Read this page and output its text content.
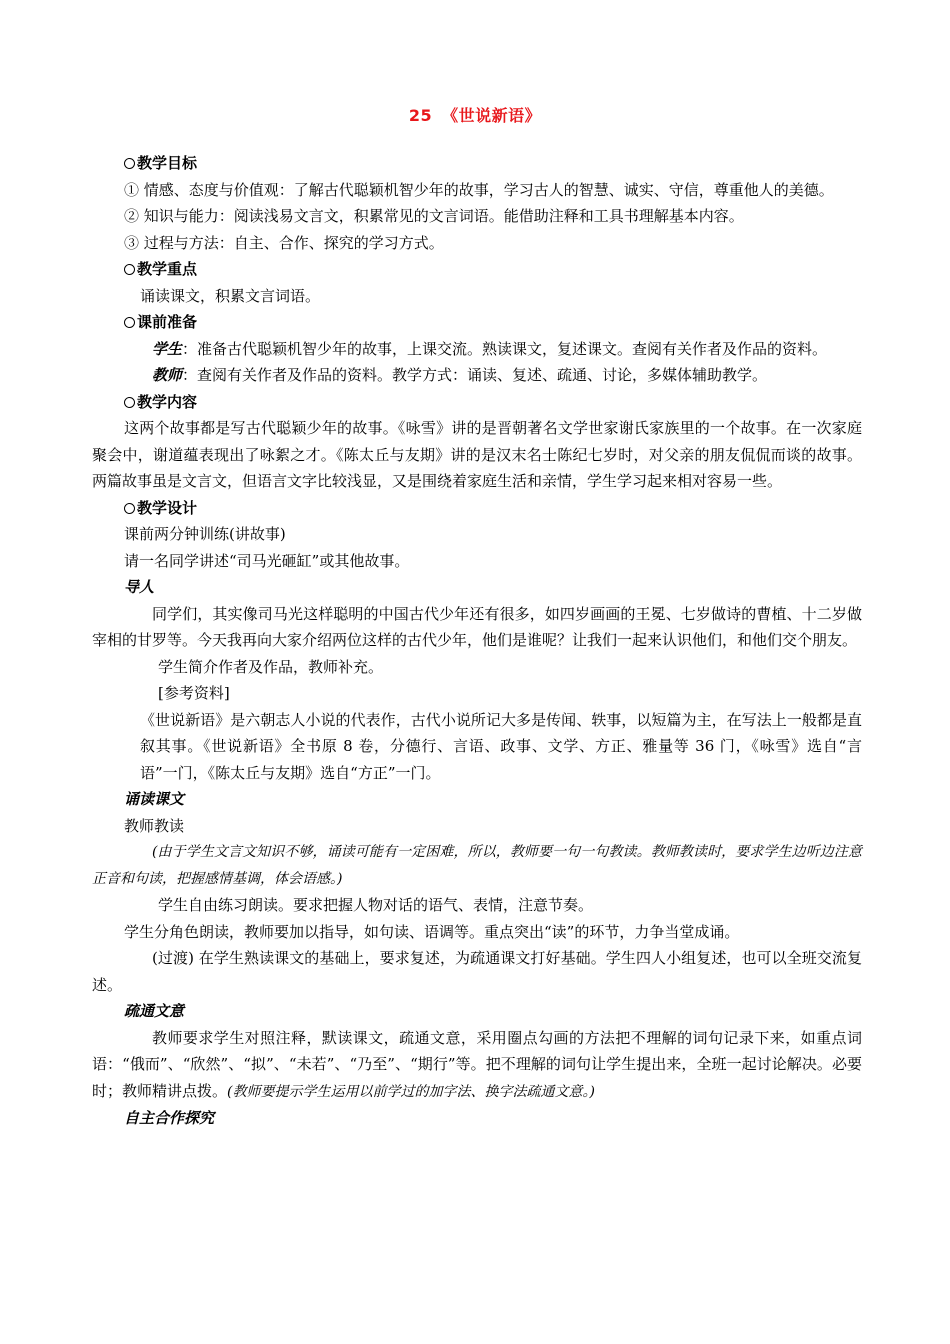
25 《世说新语》

教学目标

① 情感、态度与价值观：了解古代聪颖机智少年的故事，学习古人的智慧、诚实、守信，尊重他人的美德。

② 知识与能力：阅读浅易文言文，积累常见的文言词语。能借助注释和工具书理解基本内容。

③ 过程与方法：自主、合作、探究的学习方式。

教学重点

诵读课文，积累文言词语。

课前准备

学生：准备古代聪颖机智少年的故事，上课交流。熟读课文，复述课文。查阅有关作者及作品的资料。

教师：查阅有关作者及作品的资料。教学方式：诵读、复述、疏通、讨论，多媒体辅助教学。

教学内容

这两个故事都是写古代聪颖少年的故事。《咏雪》讲的是晋朝著名文学世家谢氏家族里的一个故事。在一次家庭聚会中，谢道蕴表现出了咏絮之才。《陈太丘与友期》讲的是汉末名士陈纪七岁时，对父亲的朋友侃侃而谈的故事。两篇故事虽是文言文，但语言文字比较浅显，又是围绕着家庭生活和亲情，学生学习起来相对容易一些。

教学设计

课前两分钟训练(讲故事)

请一名同学讲述“司马光砸缸”或其他故事。

导人

同学们，其实像司马光这样聪明的中国古代少年还有很多，如四岁画画的王冕、七岁做诗的曹植、十二岁做宰相的甘罗等。今天我再向大家介绍两位这样的古代少年，他们是谁呢？让我们一起来认识他们，和他们交个朋友。

学生简介作者及作品，教师补充。

[参考资料]

《世说新语》是六朝志人小说的代表作，古代小说所记大多是传闻、轶事，以短篇为主，在写法上一般都是直叙其事。《世说新语》全书原 8 卷，分德行、言语、政事、文学、方正、雅量等 36 门，《咏雪》选自“言语”一门，《陈太丘与友期》选自“方正”一门。

诵读课文

教师教读

(由于学生文言文知识不够，诵读可能有一定困难，所以，教师要一句一句教读。教师教读时，要求学生边听边注意正音和句读，把握感情基调，体会语感。)

学生自由练习朗读。要求把握人物对话的语气、表情，注意节奏。

学生分角色朗读，教师要加以指导，如句读、语调等。重点突出“读”的环节，力争当堂成诵。

(过渡) 在学生熟读课文的基础上，要求复述，为疏通课文打好基础。学生四人小组复述，也可以全班交流复述。

疏通文意

教师要求学生对照注释，默读课文，疏通文意，采用圈点勾画的方法把不理解的词句记录下来，如重点词语：“俄而”、“欣然”、“拟”、“未若”、“乃至”、“期行”等。把不理解的词句让学生提出来，全班一起讨论解决。必要时；教师精讲点拨。(教师要提示学生运用以前学过的加字法、换字法疏通文意。)

自主合作探究
